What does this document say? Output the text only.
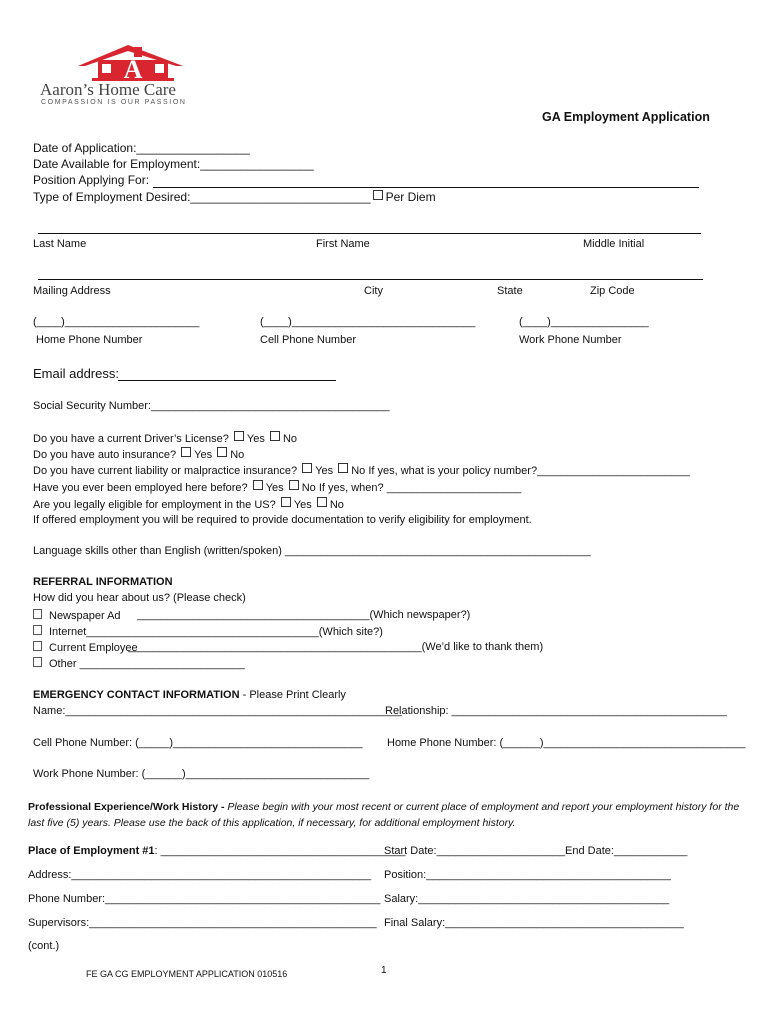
A
Aaron’s Home Care
COMPASSION IS OUR PASSION
GA Employment Application
Date of Application:_________________
Date Available for Employment:_________________
Position Applying For:
Type of Employment Desired:___________________________ Per Diem
Last Name	First Name	Middle Initial
Mailing Address	City	State	Zip Code
(____)______________________	(____)______________________________	(____)________________
Home Phone Number	Cell Phone Number	Work Phone Number
Email address:
Social Security Number:_______________________________________
Do you have a current Driver’s License? Yes No
Do you have auto insurance? Yes No
Do you have current liability or malpractice insurance? Yes No If yes, what is your policy number?_________________________
Have you ever been employed here before? Yes No If yes, when? ______________________
Are you legally eligible for employment in the US? Yes No
If offered employment you will be required to provide documentation to verify eligibility for employment.
Language skills other than English (written/spoken) __________________________________________________
REFERRAL INFORMATION
How did you hear about us? (Please check)
Newspaper Ad ______________________________________(Which newspaper?)
Internet______________________________________(Which site?)
Current Employee
________________________________________________(We’d like to thank them)
Other ___________________________
EMERGENCY CONTACT INFORMATION - Please Print Clearly
Name:_______________________________________________________
Relationship: _____________________________________________
Cell Phone Number: (_____)_______________________________ Home Phone Number: (______)_________________________________
Work Phone Number: (______)______________________________
Professional Experience/Work History - Please begin with your most recent or current place of employment and report your employment history for the last five (5) years. Please use the back of this application, if necessary, for additional employment history.
Place of Employment #1: ________________________________________
Start Date:_____________________End Date:____________
Address:_________________________________________________ Position:________________________________________
Phone Number:_____________________________________________ Salary:_________________________________________
Supervisors:_______________________________________________ Final Salary:_______________________________________
(cont.)
FE GA CG EMPLOYMENT APPLICATION 010516	1
